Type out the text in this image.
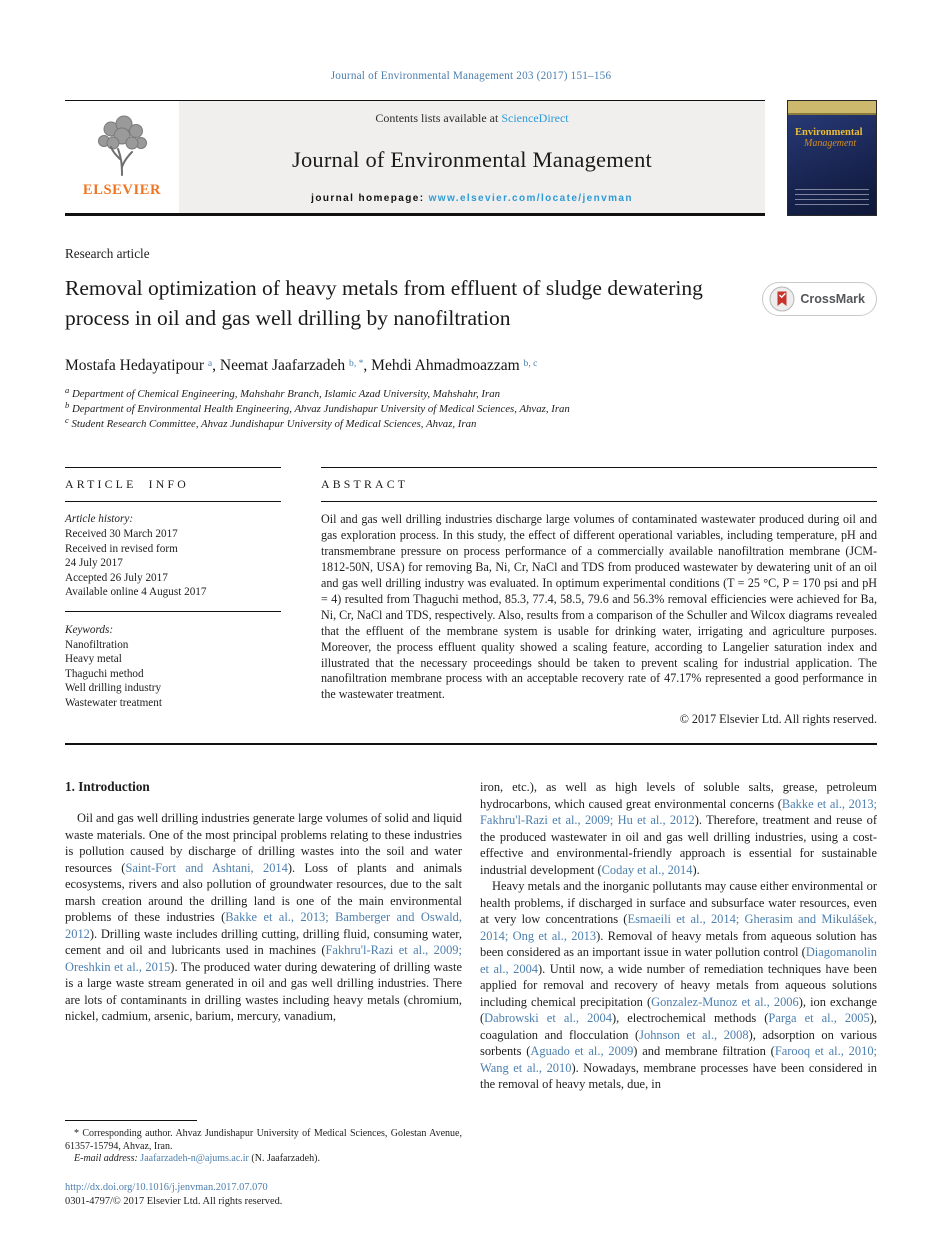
Journal of Environmental Management 203 (2017) 151–156
ELSEVIER
Contents lists available at ScienceDirect
Journal of Environmental Management
journal homepage: www.elsevier.com/locate/jenvman
Environmental
Management
Research article
Removal optimization of heavy metals from effluent of sludge dewatering process in oil and gas well drilling by nanofiltration
CrossMark
Mostafa Hedayatipour $^a$, Neemat Jaafarzadeh $^{b, *}$, Mehdi Ahmadmoazzam $^{b, c}$
$^a$ Department of Chemical Engineering, Mahshahr Branch, Islamic Azad University, Mahshahr, Iran
$^b$ Department of Environmental Health Engineering, Ahvaz Jundishapur University of Medical Sciences, Ahvaz, Iran
$^c$ Student Research Committee, Ahvaz Jundishapur University of Medical Sciences, Ahvaz, Iran
ARTICLE INFO
Article history:
Received 30 March 2017
Received in revised form
24 July 2017
Accepted 26 July 2017
Available online 4 August 2017
Keywords:
Nanofiltration
Heavy metal
Thaguchi method
Well drilling industry
Wastewater treatment
ABSTRACT

Oil and gas well drilling industries discharge large volumes of contaminated wastewater produced during oil and gas exploration process. In this study, the effect of different operational variables, including temperature, pH and transmembrane pressure on process performance of a commercially available nanofiltration membrane (JCM-1812-50N, USA) for removing Ba, Ni, Cr, NaCl and TDS from produced wastewater by dewatering unit of an oil and gas well drilling industry was evaluated. In optimum experimental conditions (T = 25 °C, P = 170 psi and pH = 4) resulted from Thaguchi method, 85.3, 77.4, 58.5, 79.6 and 56.3% removal efficiencies were achieved for Ba, Ni, Cr, NaCl and TDS, respectively. Also, results from a comparison of the Schuller and Wilcox diagrams revealed that the effluent of the membrane system is usable for drinking water, irrigating and agriculture purposes. Moreover, the process effluent quality showed a scaling feature, according to Langelier saturation index and illustrated that the necessary proceedings should be taken to prevent scaling for industrial application. The nanofiltration membrane process with an acceptable recovery rate of 47.17% represented a good performance in the wastewater treatment.

© 2017 Elsevier Ltd. All rights reserved.
1. Introduction

Oil and gas well drilling industries generate large volumes of solid and liquid waste materials. One of the most principal problems relating to these industries is pollution caused by discharge of drilling wastes into the soil and water resources (Saint-Fort and Ashtani, 2014). Loss of plants and animals ecosystems, rivers and also pollution of groundwater resources, due to the salt marsh creation around the drilling land is one of the main environmental problems of these industries (Bakke et al., 2013; Bamberger and Oswald, 2012). Drilling waste includes drilling cutting, drilling fluid, consuming water, cement and oil and lubricants used in machines (Fakhru'l-Razi et al., 2009; Oreshkin et al., 2015). The produced water during dewatering of drilling waste is a large waste stream generated in oil and gas well drilling industries. There are lots of contaminants in drilling wastes including heavy metals (chromium, nickel, cadmium, arsenic, barium, mercury, vanadium,

* Corresponding author. Ahvaz Jundishapur University of Medical Sciences, Golestan Avenue, 61357-15794, Ahvaz, Iran.

E-mail address: Jaafarzadeh-n@ajums.ac.ir (N. Jaafarzadeh).

http://dx.doi.org/10.1016/j.jenvman.2017.07.070

0301-4797/© 2017 Elsevier Ltd. All rights reserved.

iron, etc.), as well as high levels of soluble salts, grease, petroleum hydrocarbons, which caused great environmental concerns (Bakke et al., 2013; Fakhru'l-Razi et al., 2009; Hu et al., 2012). Therefore, treatment and reuse of the produced wastewater in oil and gas well drilling industries, using a cost-effective and environmental-friendly approach is essential for sustainable industrial development (Coday et al., 2014).

Heavy metals and the inorganic pollutants may cause either environmental or health problems, if discharged in surface and subsurface water resources, even at very low concentrations (Esmaeili et al., 2014; Gherasim and Mikulášek, 2014; Ong et al., 2013). Removal of heavy metals from aqueous solution has been considered as an important issue in water pollution control (Diagomanolin et al., 2004). Until now, a wide number of remediation techniques have been applied for removal and recovery of heavy metals from aqueous solutions including chemical precipitation (Gonzalez-Munoz et al., 2006), ion exchange (Dabrowski et al., 2004), electrochemical methods (Parga et al., 2005), coagulation and flocculation (Johnson et al., 2008), adsorption on various sorbents (Aguado et al., 2009) and membrane filtration (Farooq et al., 2010; Wang et al., 2010). Nowadays, membrane processes have been considered in the removal of heavy metals, due, in
